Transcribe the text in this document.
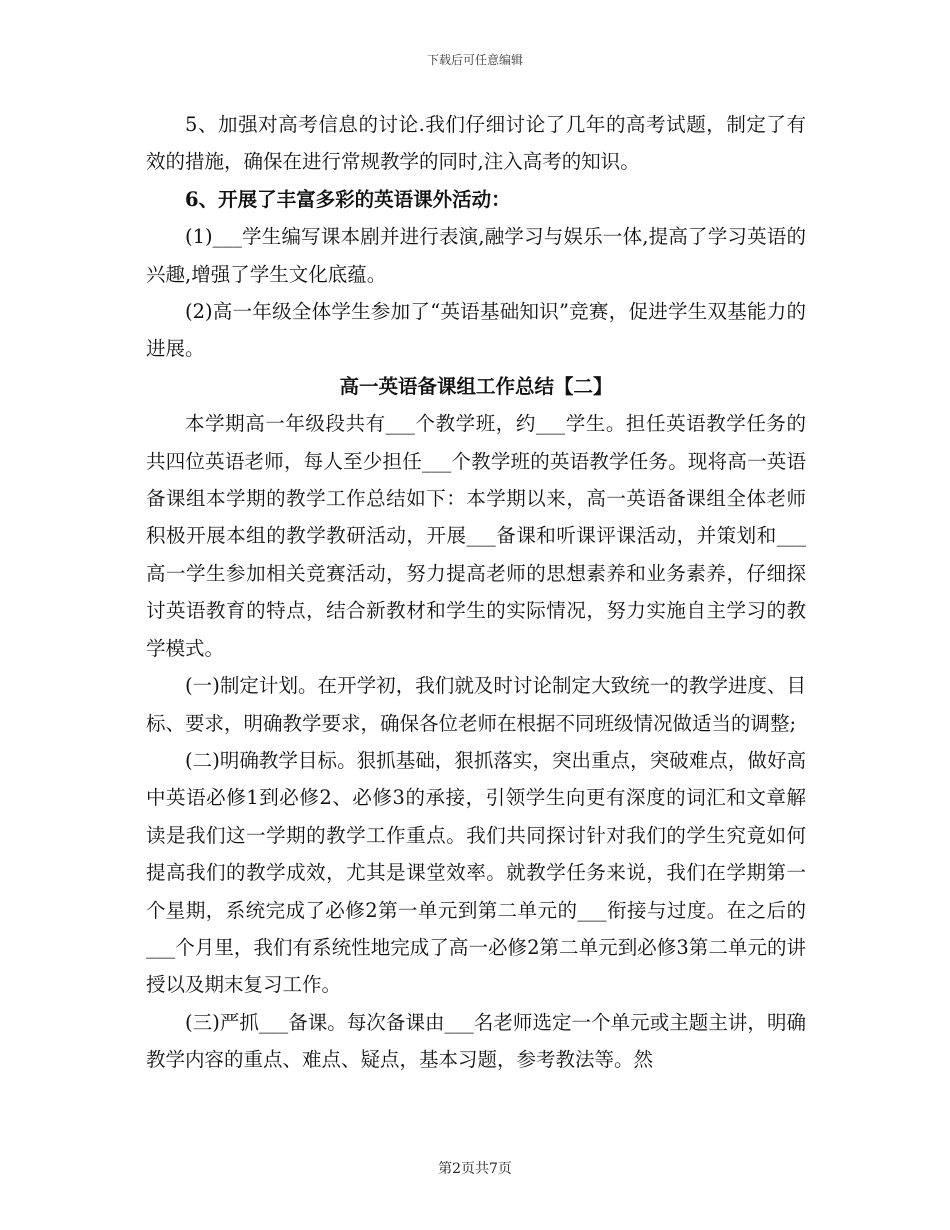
下载后可任意编辑

5、加强对高考信息的讨论.我们仔细讨论了几年的高考试题，制定了有效的措施，确保在进行常规教学的同时,注入高考的知识。

6、开展了丰富多彩的英语课外活动：

(1)___学生编写课本剧并进行表演,融学习与娱乐一体,提高了学习英语的兴趣,增强了学生文化底蕴。

(2)高一年级全体学生参加了“英语基础知识”竞赛，促进学生双基能力的进展。

高一英语备课组工作总结【二】

本学期高一年级段共有___个教学班，约___学生。担任英语教学任务的共四位英语老师，每人至少担任___个教学班的英语教学任务。现将高一英语备课组本学期的教学工作总结如下：本学期以来，高一英语备课组全体老师积极开展本组的教学教研活动，开展___备课和听课评课活动，并策划和___高一学生参加相关竞赛活动，努力提高老师的思想素养和业务素养，仔细探讨英语教育的特点，结合新教材和学生的实际情况，努力实施自主学习的教学模式。

(一)制定计划。在开学初，我们就及时讨论制定大致统一的教学进度、目标、要求，明确教学要求，确保各位老师在根据不同班级情况做适当的调整;

(二)明确教学目标。狠抓基础，狠抓落实，突出重点，突破难点，做好高中英语必修1到必修2、必修3的承接，引领学生向更有深度的词汇和文章解读是我们这一学期的教学工作重点。我们共同探讨针对我们的学生究竟如何提高我们的教学成效，尤其是课堂效率。就教学任务来说，我们在学期第一个星期，系统完成了必修2第一单元到第二单元的___衔接与过度。在之后的___个月里，我们有系统性地完成了高一必修2第二单元到必修3第二单元的讲授以及期末复习工作。

(三)严抓___备课。每次备课由___名老师选定一个单元或主题主讲，明确教学内容的重点、难点、疑点，基本习题，参考教法等。然

第2页共7页
